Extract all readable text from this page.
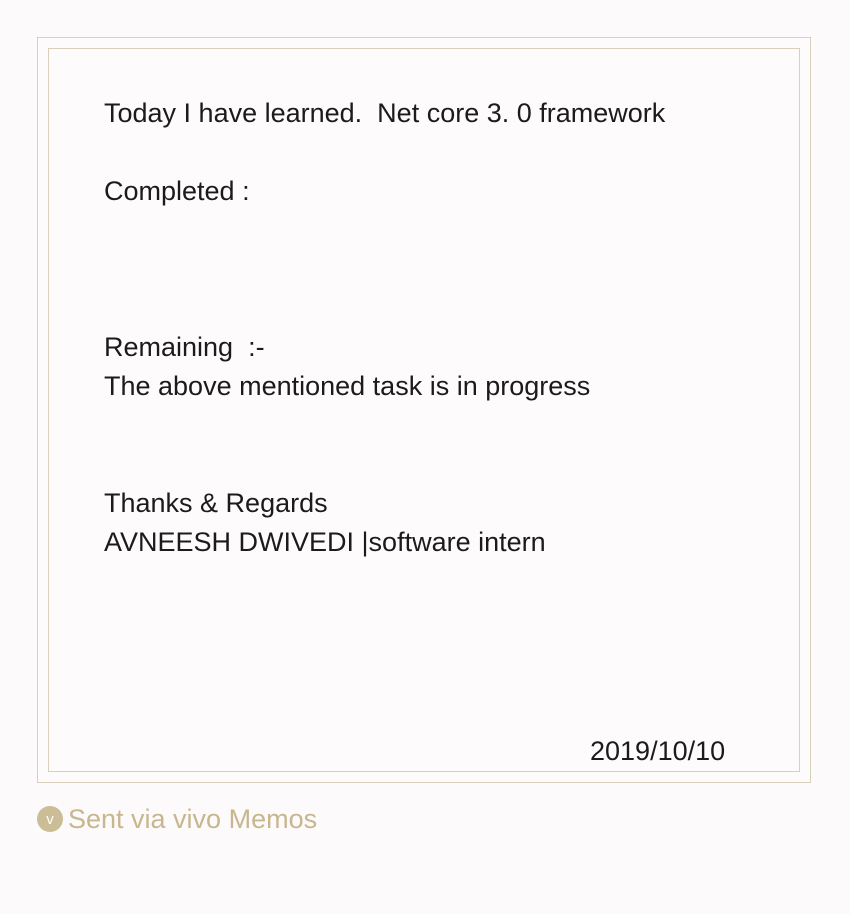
Today I have learned.  Net core 3. 0 framework
Completed :
Remaining  :-
The above mentioned task is in progress
Thanks & Regards
AVNEESH DWIVEDI |software intern
2019/10/10
v Sent via vivo Memos
